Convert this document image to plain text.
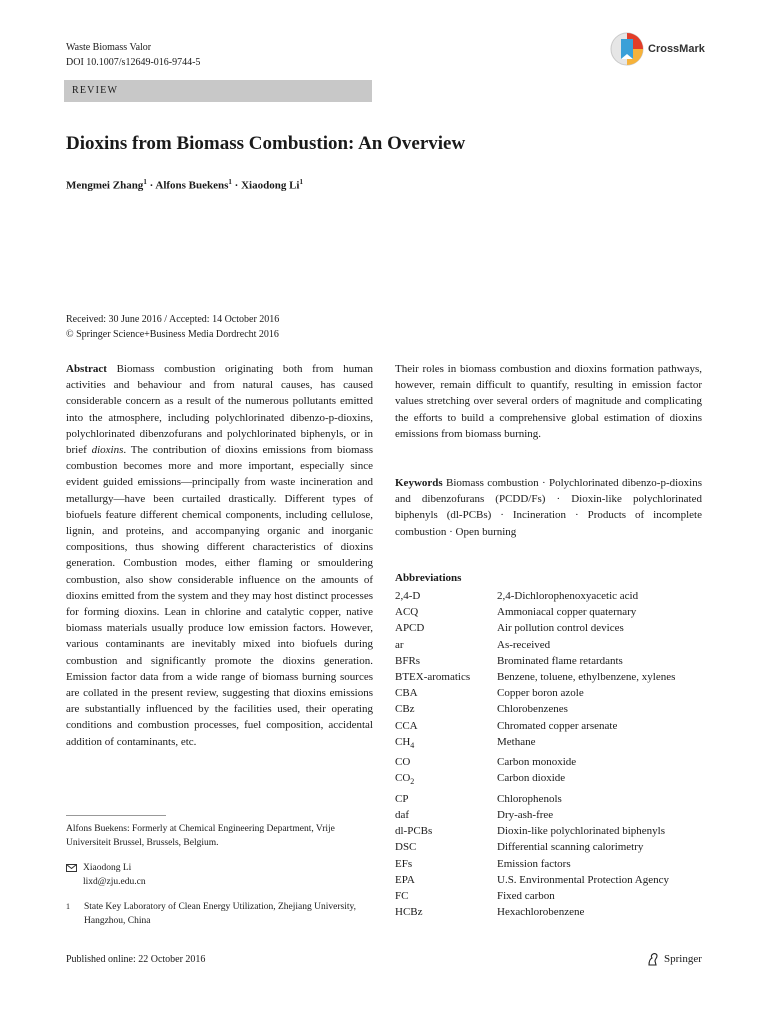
Waste Biomass Valor
DOI 10.1007/s12649-016-9744-5
CrossMark
REVIEW
Dioxins from Biomass Combustion: An Overview
Mengmei Zhang$^1$ · Alfons Buekens$^1$ · Xiaodong Li$^1$
Received: 30 June 2016 / Accepted: 14 October 2016
© Springer Science+Business Media Dordrecht 2016
Abstract Biomass combustion originating both from human activities and behaviour and from natural causes, has caused considerable concern as a result of the numerous pollutants emitted into the atmosphere, including polychlorinated dibenzo-p-dioxins, polychlorinated dibenzofurans and polychlorinated biphenyls, or in brief dioxins. The contribution of dioxins emissions from biomass combustion becomes more and more important, especially since evident guided emissions—principally from waste incineration and metallurgy—have been curtailed drastically. Different types of biofuels feature different chemical components, including cellulose, lignin, and proteins, and accompanying organic and inorganic compositions, thus showing different characteristics of dioxins generation. Combustion modes, either flaming or smouldering combustion, also show considerable influence on the amounts of dioxins emitted from the system and they may host distinct processes for forming dioxins. Lean in chlorine and catalytic copper, native biomass materials usually produce low emission factors. However, various contaminants are inevitably mixed into biofuels during combustion and significantly promote the dioxins generation. Emission factor data from a wide range of biomass burning sources are collated in the present review, suggesting that dioxins emissions are substantially influenced by the facilities used, their operating conditions and combustion processes, fuel composition, accidental addition of contaminants, etc.
Alfons Buekens: Formerly at Chemical Engineering Department, Vrije Universiteit Brussel, Brussels, Belgium.
Xiaodong Li
lixd@zju.edu.cn
1	State Key Laboratory of Clean Energy Utilization, Zhejiang University, Hangzhou, China
Their roles in biomass combustion and dioxins formation pathways, however, remain difficult to quantify, resulting in emission factor values stretching over several orders of magnitude and complicating the efforts to build a comprehensive global estimation of dioxins emissions from biomass burning.
Keywords Biomass combustion · Polychlorinated dibenzo-p-dioxins and dibenzofurans (PCDD/Fs) · Dioxin-like polychlorinated biphenyls (dl-PCBs) · Incineration · Products of incomplete combustion · Open burning
Abbreviations
2,4-D	2,4-Dichlorophenoxyacetic acid
ACQ	Ammoniacal copper quaternary
APCD	Air pollution control devices
ar	As-received
BFRs	Brominated flame retardants
BTEX-aromatics	Benzene, toluene, ethylbenzene, xylenes
CBA	Copper boron azole
CBz	Chlorobenzenes
CCA	Chromated copper arsenate
$CH_4$	Methane
CO	Carbon monoxide
$CO_2$	Carbon dioxide
CP	Chlorophenols
daf	Dry-ash-free
dl-PCBs	Dioxin-like polychlorinated biphenyls
DSC	Differential scanning calorimetry
EFs	Emission factors
EPA	U.S. Environmental Protection Agency
FC	Fixed carbon
HCBz	Hexachlorobenzene
Published online: 22 October 2016	Springer
